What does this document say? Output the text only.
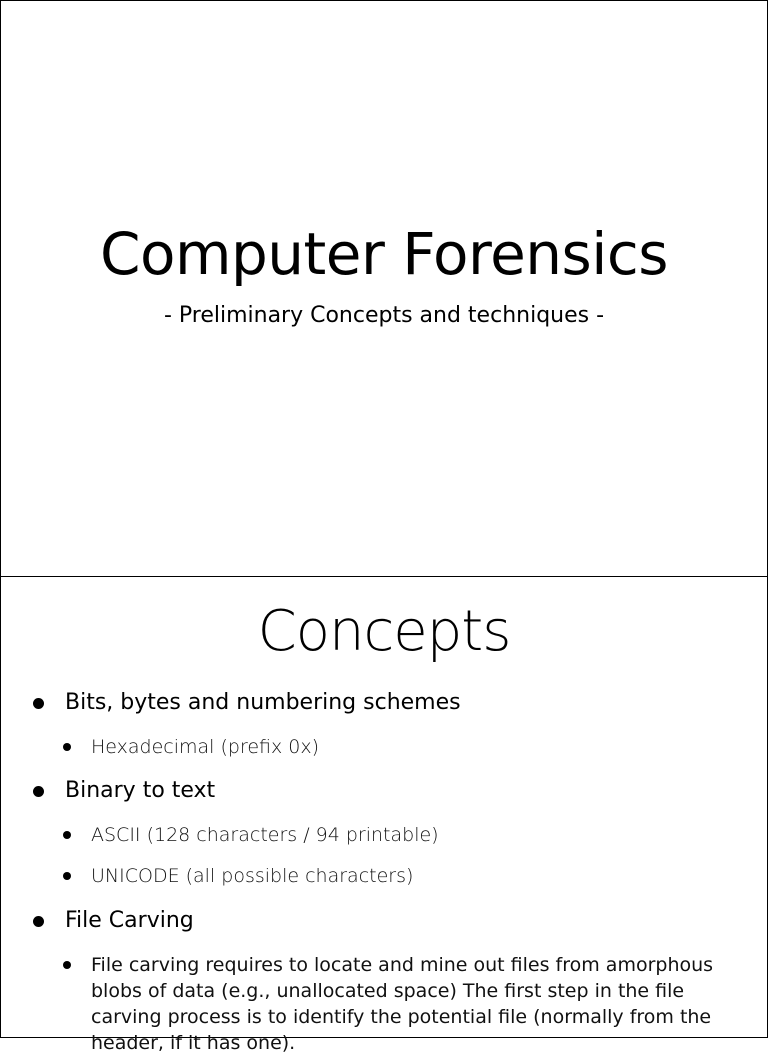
Computer Forensics
- Preliminary Concepts and techniques -
Concepts
Bits, bytes and numbering schemes
Hexadecimal (prefix 0x)
Binary to text
ASCII (128 characters / 94 printable)
UNICODE (all possible characters)
File Carving
File carving requires to locate and mine out files from amorphous blobs of data (e.g., unallocated space) The first step in the file carving process is to identify the potential file (normally from the header, if it has one).
